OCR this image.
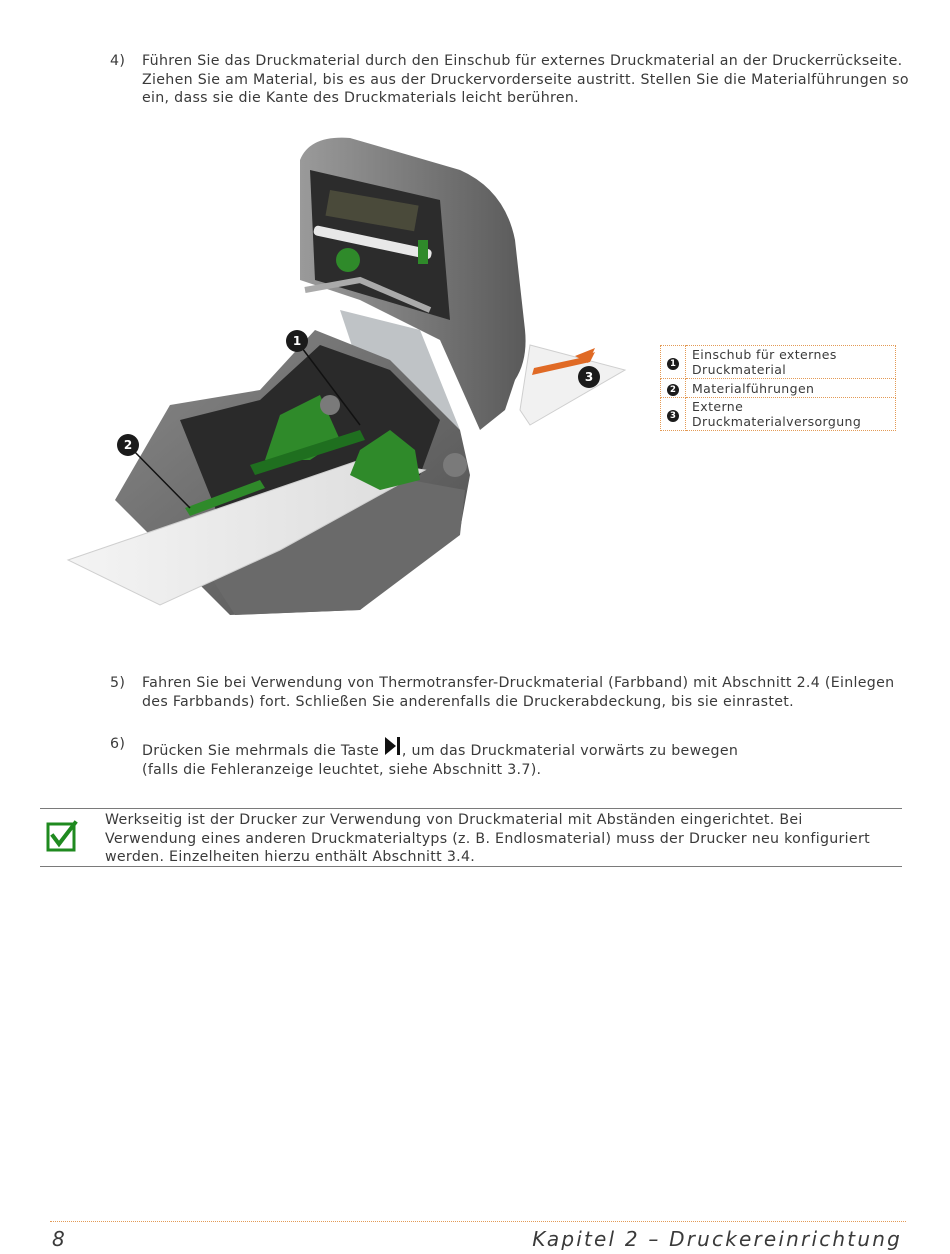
4) Führen Sie das Druckmaterial durch den Einschub für externes Druckmaterial an der Druckerrückseite. Ziehen Sie am Material, bis es aus der Druckervorderseite austritt. Stellen Sie die Materialführungen so ein, dass sie die Kante des Druckmaterials leicht berühren.
1
2
3
1	Einschub für externes Druckmaterial
2	Materialführungen
3	Externe Druckmaterialversorgung
5) Fahren Sie bei Verwendung von Thermotransfer-Druckmaterial (Farbband) mit Abschnitt 2.4 (Einlegen des Farbbands) fort. Schließen Sie anderenfalls die Druckerabdeckung, bis sie einrastet.
6) Drücken Sie mehrmals die Taste , um das Druckmaterial vorwärts zu bewegen
(falls die Fehleranzeige leuchtet, siehe Abschnitt 3.7).
Werkseitig ist der Drucker zur Verwendung von Druckmaterial mit Abständen eingerichtet. Bei Verwendung eines anderen Druckmaterialtyps (z. B. Endlosmaterial) muss der Drucker neu konfiguriert werden. Einzelheiten hierzu enthält Abschnitt 3.4.
8	Kapitel 2 – Druckereinrichtung
